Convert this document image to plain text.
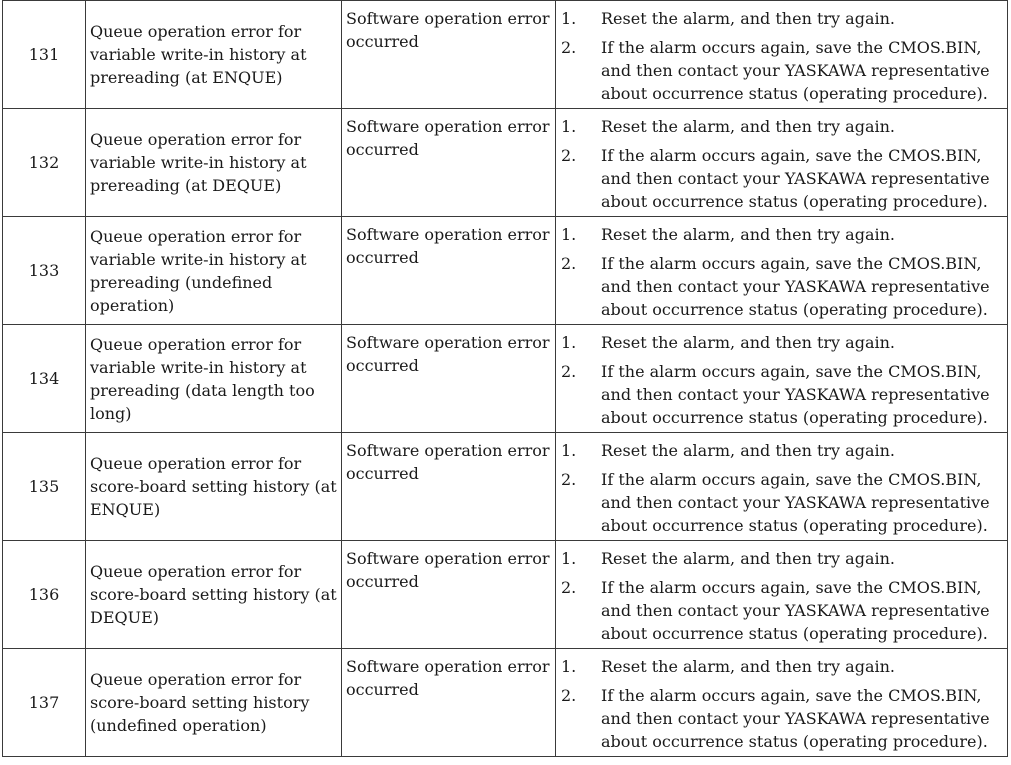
131	Queue operation error for variable write-in history at prereading (at ENQUE)	Software operation error occurred	1. Reset the alarm, and then try again.
2. If the alarm occurs again, save the CMOS.BIN, and then contact your YASKAWA representative about occurrence status (operating procedure).

132	Queue operation error for variable write-in history at prereading (at DEQUE)	Software operation error occurred	1. Reset the alarm, and then try again.
2. If the alarm occurs again, save the CMOS.BIN, and then contact your YASKAWA representative about occurrence status (operating procedure).

133	Queue operation error for variable write-in history at prereading (undefined operation)	Software operation error occurred	1. Reset the alarm, and then try again.
2. If the alarm occurs again, save the CMOS.BIN, and then contact your YASKAWA representative about occurrence status (operating procedure).

134	Queue operation error for variable write-in history at prereading (data length too long)	Software operation error occurred	1. Reset the alarm, and then try again.
2. If the alarm occurs again, save the CMOS.BIN, and then contact your YASKAWA representative about occurrence status (operating procedure).

135	Queue operation error for score-board setting history (at ENQUE)	Software operation error occurred	1. Reset the alarm, and then try again.
2. If the alarm occurs again, save the CMOS.BIN, and then contact your YASKAWA representative about occurrence status (operating procedure).

136	Queue operation error for score-board setting history (at DEQUE)	Software operation error occurred	1. Reset the alarm, and then try again.
2. If the alarm occurs again, save the CMOS.BIN, and then contact your YASKAWA representative about occurrence status (operating procedure).

137	Queue operation error for score-board setting history (undefined operation)	Software operation error occurred	1. Reset the alarm, and then try again.
2. If the alarm occurs again, save the CMOS.BIN, and then contact your YASKAWA representative about occurrence status (operating procedure).
